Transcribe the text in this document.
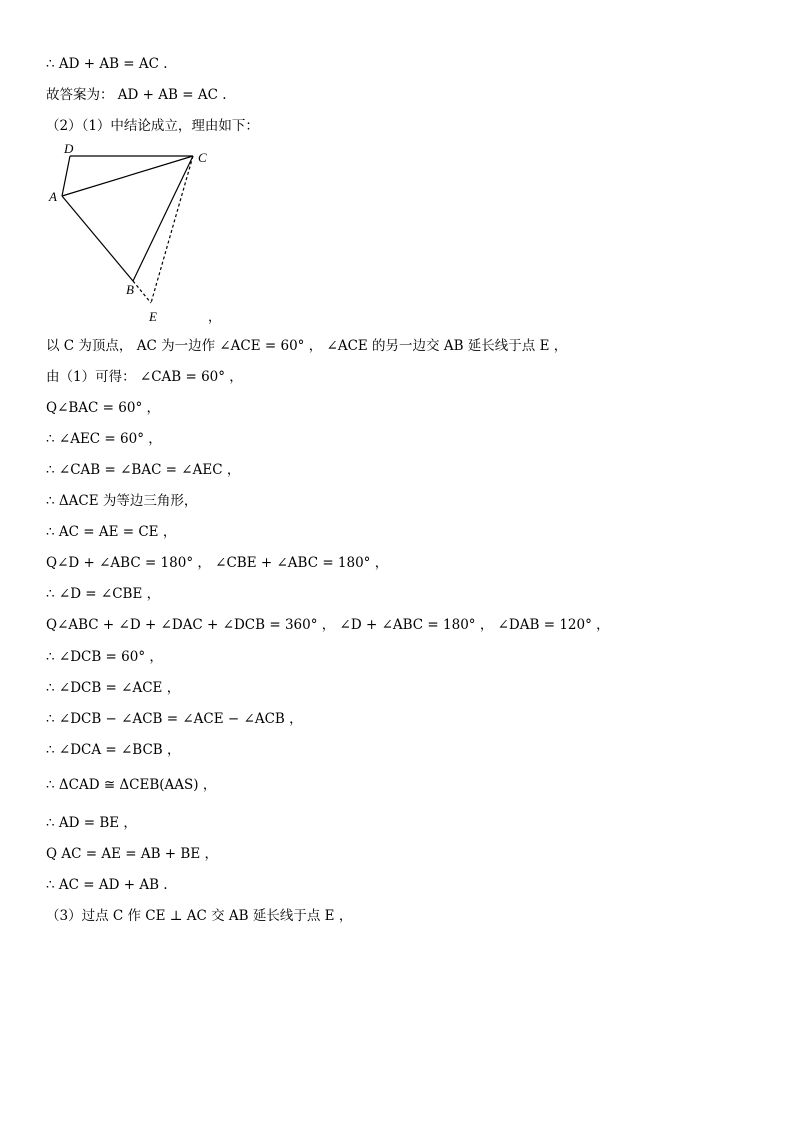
∴ AD + AB = AC .
故答案为： AD + AB = AC .
（2）（1）中结论成立，理由如下：
D
C
A
B
E	，
以 C 为顶点， AC 为一边作 ∠ACE = 60° ， ∠ACE 的另一边交 AB 延长线于点 E ，
由（1）可得： ∠CAB = 60° ，
Q∠BAC = 60° ，
∴ ∠AEC = 60° ，
∴ ∠CAB = ∠BAC = ∠AEC ，
∴ ΔACE 为等边三角形，
∴ AC = AE = CE ，
Q∠D + ∠ABC = 180° ， ∠CBE + ∠ABC = 180° ，
∴ ∠D = ∠CBE ，
Q∠ABC + ∠D + ∠DAC + ∠DCB = 360° ， ∠D + ∠ABC = 180° ， ∠DAB = 120° ，
∴ ∠DCB = 60° ，
∴ ∠DCB = ∠ACE ，
∴ ∠DCB − ∠ACB = ∠ACE − ∠ACB ，
∴ ∠DCA = ∠BCB ，
∴ ΔCAD ≅ ΔCEB(AAS) ，
∴ AD = BE ，
Q AC = AE = AB + BE ，
∴ AC = AD + AB .
（3）过点 C 作 CE ⊥ AC 交 AB 延长线于点 E ，
